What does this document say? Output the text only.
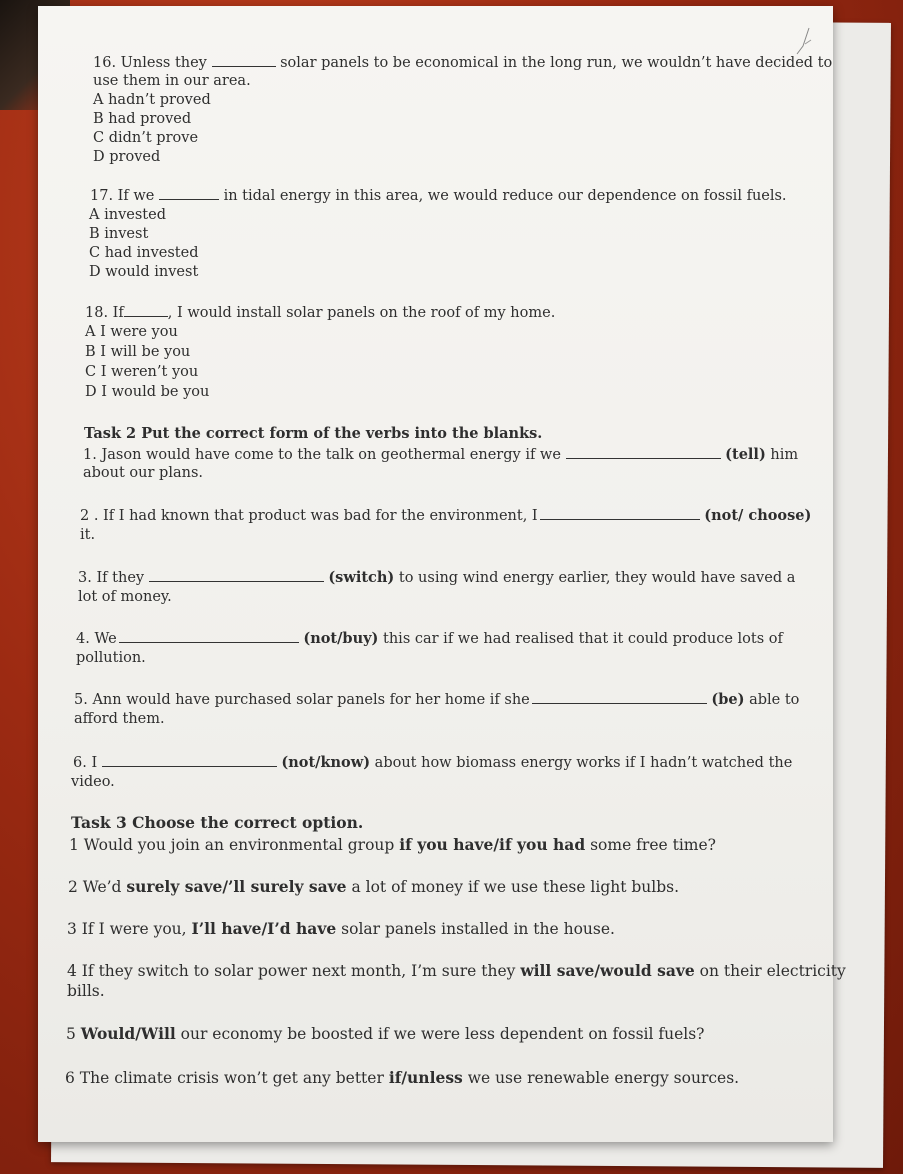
16. Unless they	solar panels to be economical in the long run, we wouldn’t have decided to
use them in our area.
A hadn’t proved
B had proved
C didn’t prove
D proved
17. If we	in tidal energy in this area, we would reduce our dependence on fossil fuels.
A invested
B invest
C had invested
D would invest
18. If	, I would install solar panels on the roof of my home.
A I were you
B I will be you
C I weren’t you
D I would be you
Task 2 Put the correct form of the verbs into the blanks.
1. Jason would have come to the talk on geothermal energy if we	(tell) him
about our plans.
2 . If I had known that product was bad for the environment, I	(not/ choose)
it.
3. If they	(switch) to using wind energy earlier, they would have saved a
lot of money.
4. We	(not/buy) this car if we had realised that it could produce lots of
pollution.
5. Ann would have purchased solar panels for her home if she	(be) able to
afford them.
6. I	(not/know) about how biomass energy works if I hadn’t watched the
video.
Task 3 Choose the correct option.
1 Would you join an environmental group if you have/if you had some free time?
2 We’d surely save/’ll surely save a lot of money if we use these light bulbs.
3 If I were you, I’ll have/I’d have solar panels installed in the house.
4 If they switch to solar power next month, I’m sure they will save/would save on their electricity
bills.
5 Would/Will our economy be boosted if we were less dependent on fossil fuels?
6 The climate crisis won’t get any better if/unless we use renewable energy sources.
